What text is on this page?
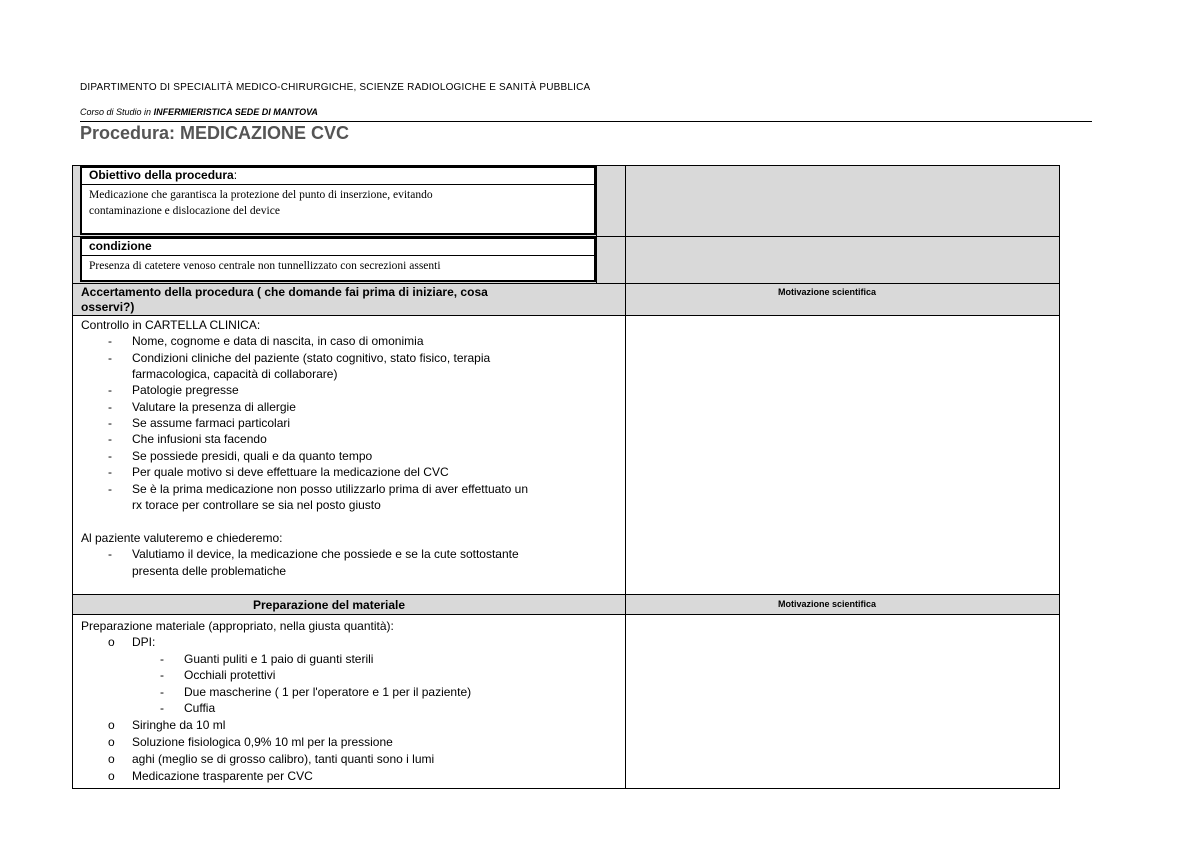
DIPARTIMENTO DI SPECIALITÀ MEDICO-CHIRURGICHE, SCIENZE RADIOLOGICHE E SANITÀ PUBBLICA
Corso di Studio in INFERMIERISTICA SEDE DI MANTOVA
Procedura: MEDICAZIONE CVC
Obiettivo della procedura:
Medicazione che garantisca la protezione del punto di inserzione, evitando
contaminazione e dislocazione del device
condizione
Presenza di catetere venoso centrale non tunnellizzato con secrezioni assenti
Accertamento della procedura ( che domande fai prima di iniziare, cosa
osservi?)
Motivazione scientifica
Controllo in CARTELLA CLINICA:
- Nome, cognome e data di nascita, in caso di omonimia
- Condizioni cliniche del paziente (stato cognitivo, stato fisico, terapia
farmacologica, capacità di collaborare)
- Patologie pregresse
- Valutare la presenza di allergie
- Se assume farmaci particolari
- Che infusioni sta facendo
- Se possiede presidi, quali e da quanto tempo
- Per quale motivo si deve effettuare la medicazione del CVC
- Se è la prima medicazione non posso utilizzarlo prima di aver effettuato un
rx torace per controllare se sia nel posto giusto
Al paziente valuteremo e chiederemo:
- Valutiamo il device, la medicazione che possiede e se la cute sottostante
presenta delle problematiche
Preparazione del materiale	Motivazione scientifica
Preparazione materiale (appropriato, nella giusta quantità):
o DPI:
- Guanti puliti e 1 paio di guanti sterili
- Occhiali protettivi
- Due mascherine ( 1 per l'operatore e 1 per il paziente)
- Cuffia
o Siringhe da 10 ml
o Soluzione fisiologica 0,9% 10 ml per la pressione
o aghi (meglio se di grosso calibro), tanti quanti sono i lumi
o Medicazione trasparente per CVC
